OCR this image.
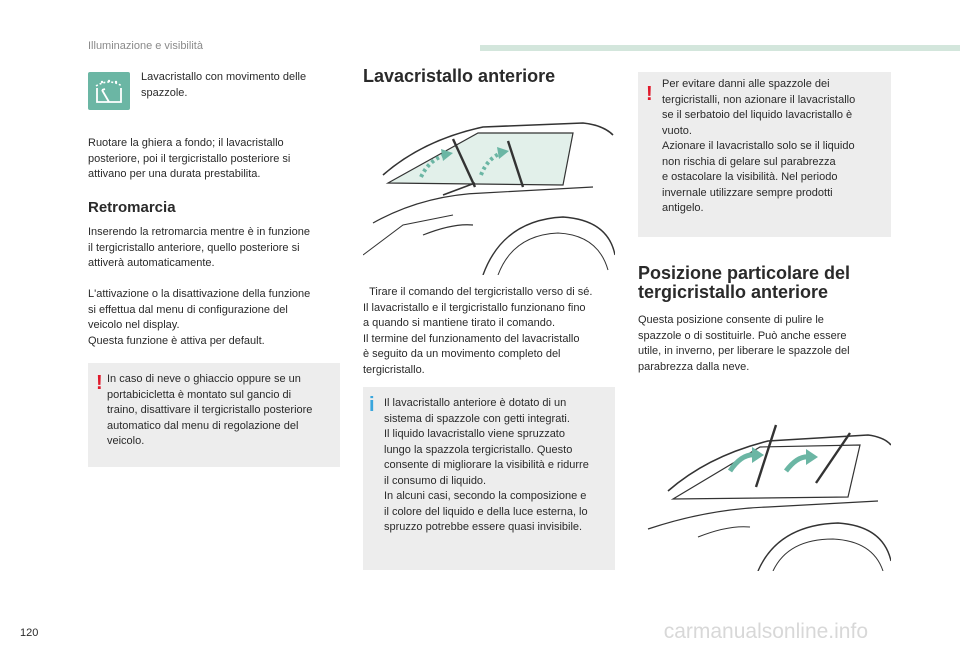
Illuminazione e visibilità

Lavacristallo con movimento delle
spazzole.

Ruotare la ghiera a fondo; il lavacristallo
posteriore, poi il tergicristallo posteriore si
attivano per una durata prestabilita.

Retromarcia

Inserendo la retromarcia mentre è in funzione
il tergicristallo anteriore, quello posteriore si
attiverà automaticamente.

L'attivazione o la disattivazione della funzione
si effettua dal menu di configurazione del
veicolo nel display.
Questa funzione è attiva per default.

! In caso di neve o ghiaccio oppure se un
portabicicletta è montato sul gancio di
traino, disattivare il tergicristallo posteriore
automatico dal menu di regolazione del
veicolo.

Lavacristallo anteriore

Tirare il comando del tergicristallo verso di sé.

Il lavacristallo e il tergicristallo funzionano fino
a quando si mantiene tirato il comando.
Il termine del funzionamento del lavacristallo
è seguito da un movimento completo del
tergicristallo.

i Il lavacristallo anteriore è dotato di un
sistema di spazzole con getti integrati.
Il liquido lavacristallo viene spruzzato
lungo la spazzola tergicristallo. Questo
consente di migliorare la visibilità e ridurre
il consumo di liquido.
In alcuni casi, secondo la composizione e
il colore del liquido e della luce esterna, lo
spruzzo potrebbe essere quasi invisibile.

! Per evitare danni alle spazzole dei
tergicristalli, non azionare il lavacristallo
se il serbatoio del liquido lavacristallo è
vuoto.
Azionare il lavacristallo solo se il liquido
non rischia di gelare sul parabrezza
e ostacolare la visibilità. Nel periodo
invernale utilizzare sempre prodotti
antigelo.

Posizione particolare del
tergicristallo anteriore

Questa posizione consente di pulire le
spazzole o di sostituirle. Può anche essere
utile, in inverno, per liberare le spazzole del
parabrezza dalla neve.

120	carmanualsonline.info
